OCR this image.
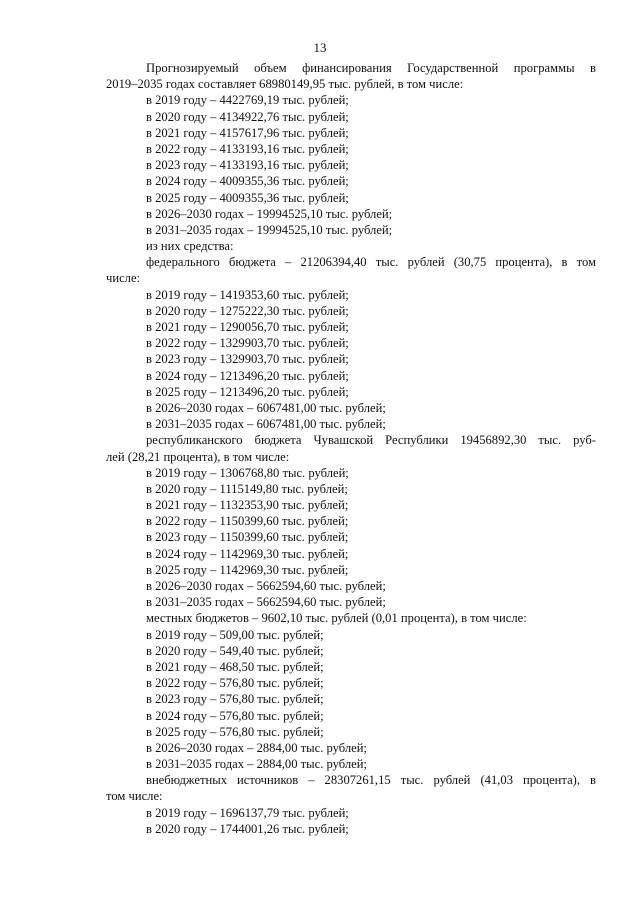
13
Прогнозируемый объем финансирования Государственной программы в
2019–2035 годах составляет 68980149,95 тыс. рублей, в том числе:
в 2019 году – 4422769,19 тыс. рублей;
в 2020 году – 4134922,76 тыс. рублей;
в 2021 году – 4157617,96 тыс. рублей;
в 2022 году – 4133193,16 тыс. рублей;
в 2023 году – 4133193,16 тыс. рублей;
в 2024 году – 4009355,36 тыс. рублей;
в 2025 году – 4009355,36 тыс. рублей;
в 2026–2030 годах – 19994525,10 тыс. рублей;
в 2031–2035 годах – 19994525,10 тыс. рублей;
из них средства:
федерального бюджета – 21206394,40 тыс. рублей (30,75 процента), в том
числе:
в 2019 году – 1419353,60 тыс. рублей;
в 2020 году – 1275222,30 тыс. рублей;
в 2021 году – 1290056,70 тыс. рублей;
в 2022 году – 1329903,70 тыс. рублей;
в 2023 году – 1329903,70 тыс. рублей;
в 2024 году – 1213496,20 тыс. рублей;
в 2025 году – 1213496,20 тыс. рублей;
в 2026–2030 годах – 6067481,00 тыс. рублей;
в 2031–2035 годах – 6067481,00 тыс. рублей;
республиканского бюджета Чувашской Республики 19456892,30 тыс. руб-
лей (28,21 процента), в том числе:
в 2019 году – 1306768,80 тыс. рублей;
в 2020 году – 1115149,80 тыс. рублей;
в 2021 году – 1132353,90 тыс. рублей;
в 2022 году – 1150399,60 тыс. рублей;
в 2023 году – 1150399,60 тыс. рублей;
в 2024 году – 1142969,30 тыс. рублей;
в 2025 году – 1142969,30 тыс. рублей;
в 2026–2030 годах – 5662594,60 тыс. рублей;
в 2031–2035 годах – 5662594,60 тыс. рублей;
местных бюджетов – 9602,10 тыс. рублей (0,01 процента), в том числе:
в 2019 году – 509,00 тыс. рублей;
в 2020 году – 549,40 тыс. рублей;
в 2021 году – 468,50 тыс. рублей;
в 2022 году – 576,80 тыс. рублей;
в 2023 году – 576,80 тыс. рублей;
в 2024 году – 576,80 тыс. рублей;
в 2025 году – 576,80 тыс. рублей;
в 2026–2030 годах – 2884,00 тыс. рублей;
в 2031–2035 годах – 2884,00 тыс. рублей;
внебюджетных источников – 28307261,15 тыс. рублей (41,03 процента), в
том числе:
в 2019 году – 1696137,79 тыс. рублей;
в 2020 году – 1744001,26 тыс. рублей;
